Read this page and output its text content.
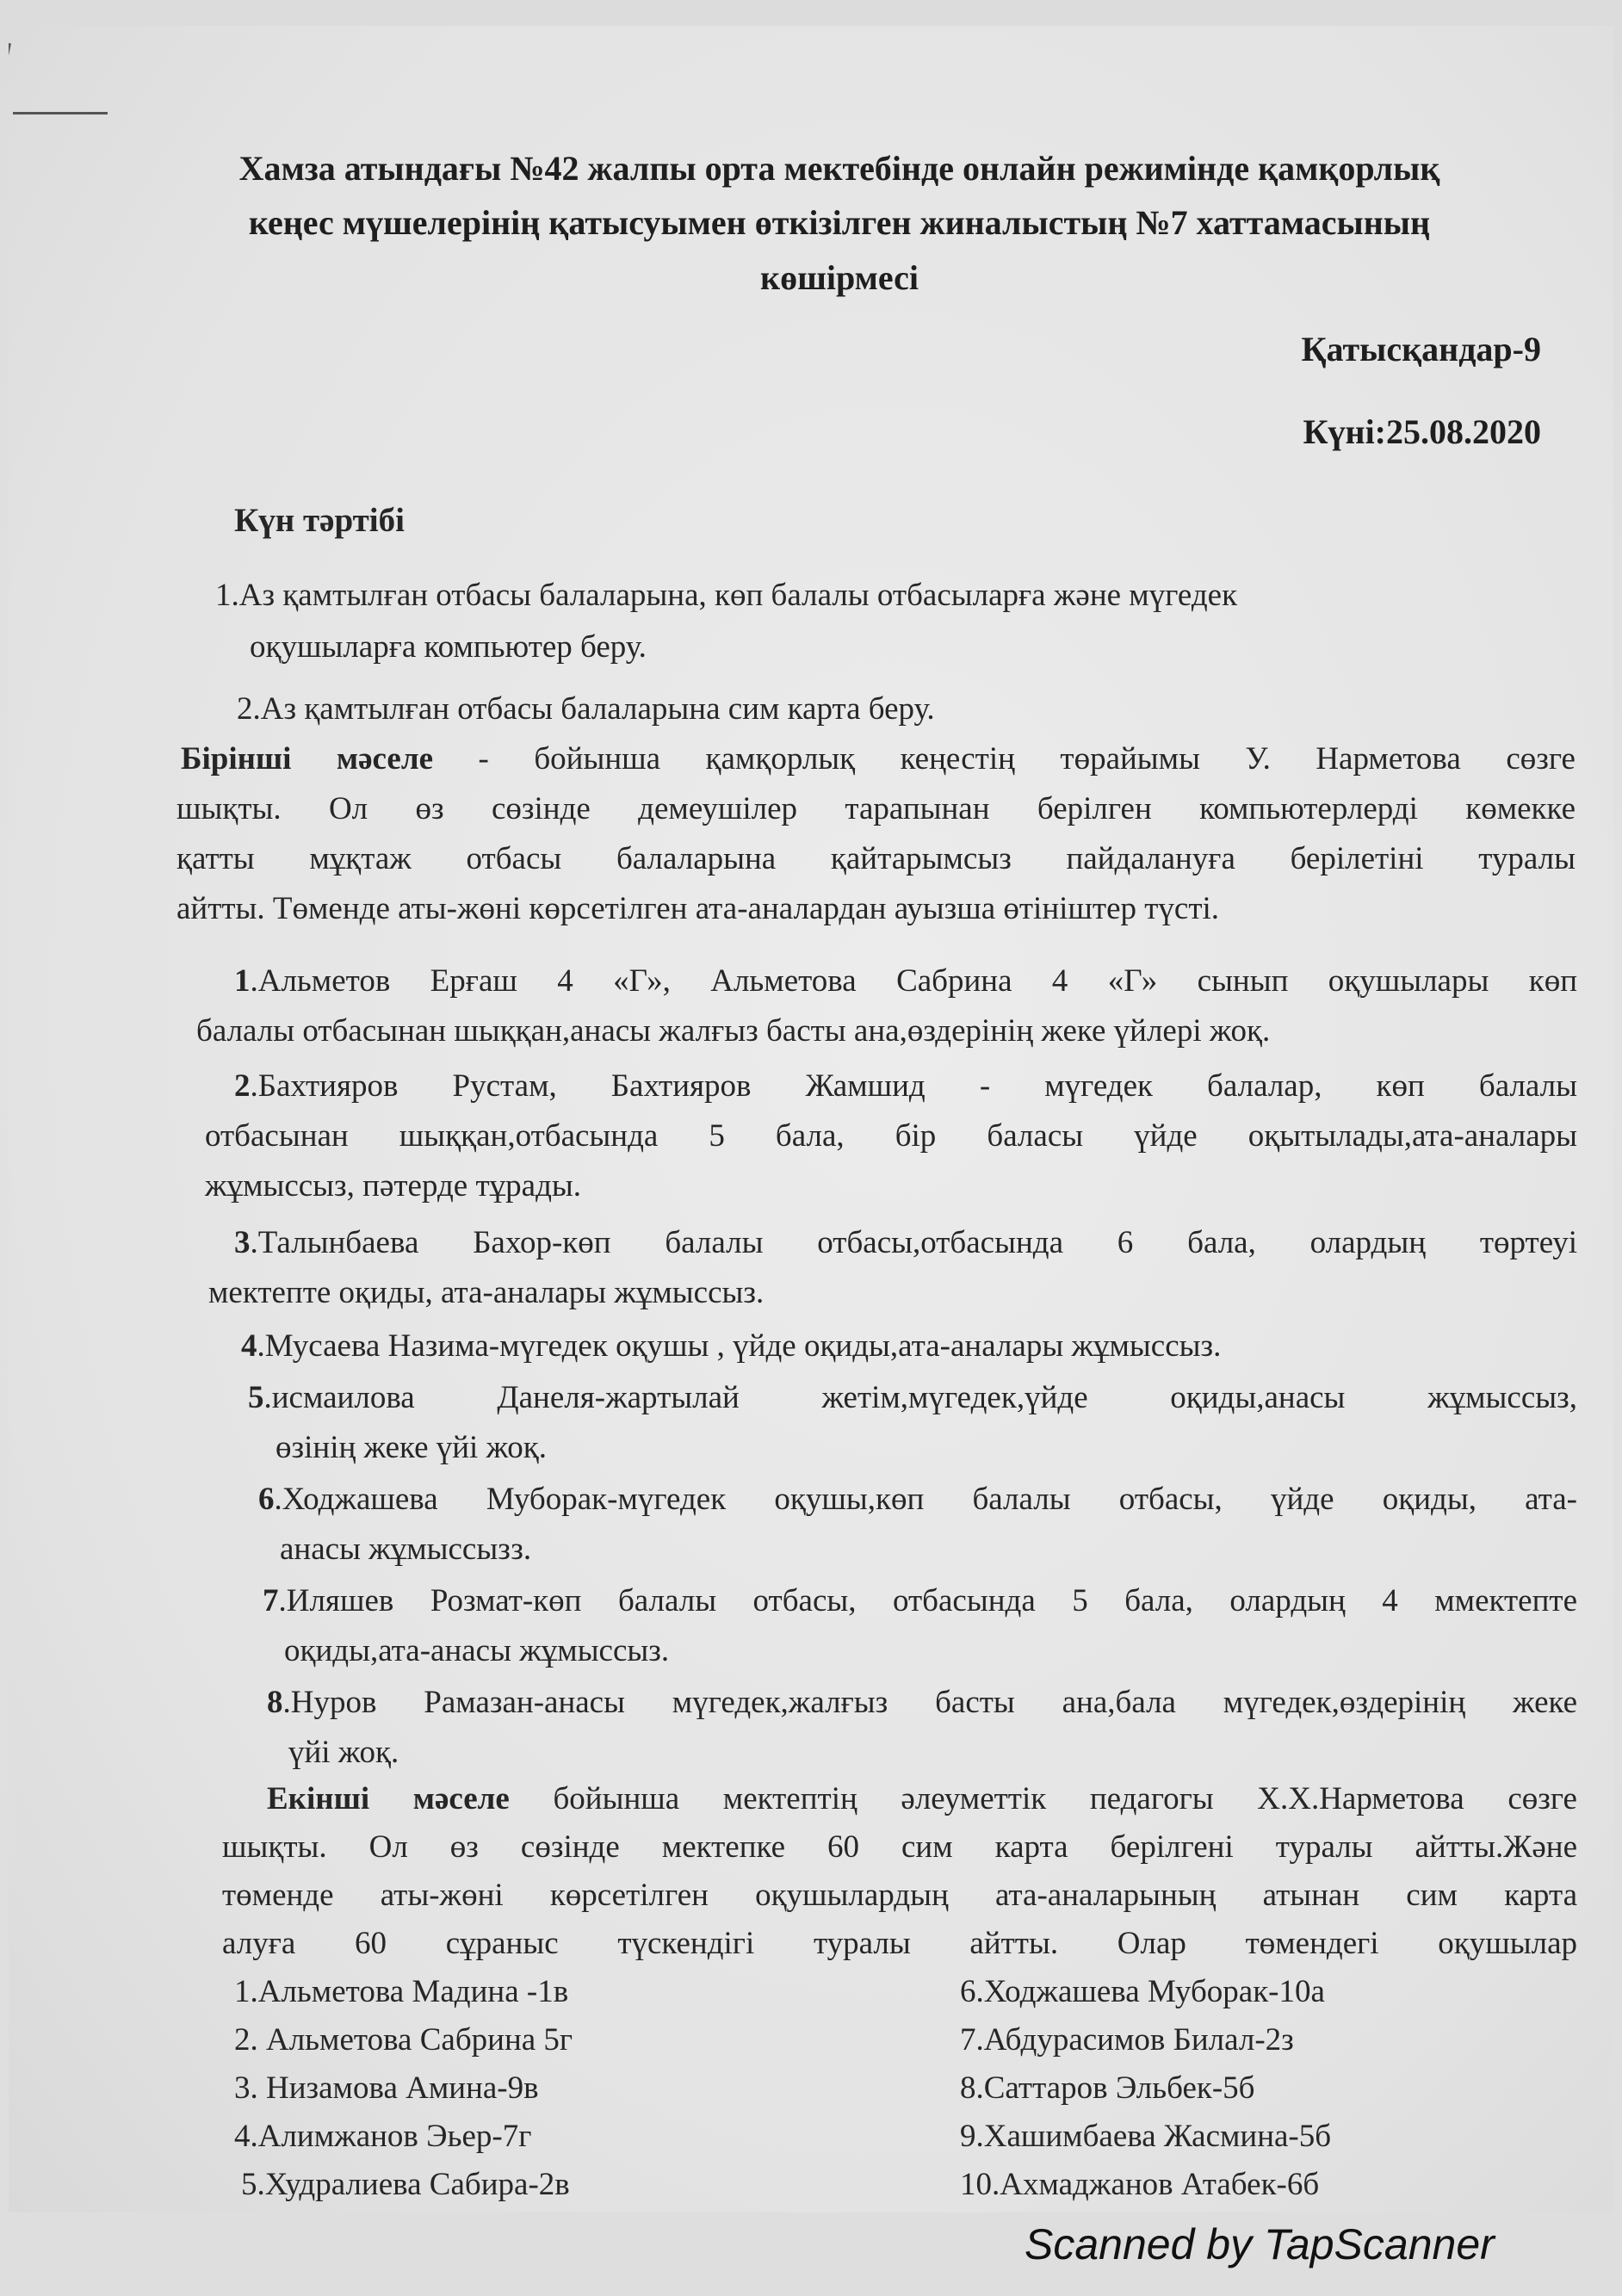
Хамза атындағы №42 жалпы орта мектебінде онлайн режимінде қамқорлық
кеңес мүшелерінің қатысуымен өткізілген жиналыстың №7 хаттамасының
көшірмесі
Қатысқандар-9
Күні:25.08.2020
Күн тәртібі
1.Аз қамтылған отбасы балаларына, көп балалы отбасыларға және мүгедек
оқушыларға компьютер беру.
2.Аз қамтылған отбасы балаларына сим карта беру.
Бірінші мәселе - бойынша қамқорлық кеңестің төрайымы У. Нарметова сөзге
шықты. Ол өз сөзінде демеушілер тарапынан берілген компьютерлерді көмекке
қатты мұқтаж отбасы балаларына қайтарымсыз пайдалануға берілетіні туралы
айтты. Төменде аты-жөні көрсетілген ата-аналардан ауызша өтініштер түсті.
1.Альметов Ерғаш 4 «Г», Альметова Сабрина 4 «Г» сынып оқушылары көп
балалы отбасынан шыққан,анасы жалғыз басты ана,өздерінің жеке үйлері жоқ.
2.Бахтияров Рустам, Бахтияров Жамшид - мүгедек балалар, көп балалы
отбасынан шыққан,отбасында 5 бала, бір баласы үйде оқытылады,ата-аналары
жұмыссыз, пәтерде тұрады.
3.Талынбаева Бахор-көп балалы отбасы,отбасында 6 бала, олардың төртеуі
мектепте оқиды, ата-аналары жұмыссыз.
4.Мусаева Назима-мүгедек оқушы , үйде оқиды,ата-аналары жұмыссыз.
5.исмаилова Данеля-жартылай жетім,мүгедек,үйде оқиды,анасы жұмыссыз,
өзінің жеке үйі жоқ.
6.Ходжашева Мубoрак-мүгедек оқушы,көп балалы отбасы, үйде оқиды, ата-
анасы жұмыссызз.
7.Иляшев Розмат-көп балалы отбасы, отбасында 5 бала, олардың 4 ммектепте
оқиды,ата-анасы жұмыссыз.
8.Нуров Рамазан-анасы мүгедек,жалғыз басты ана,бала мүгедек,өздерінің жеке
үйі жоқ.
Екінші мәселе бойынша мектептің әлеуметтік педагогы Х.Х.Нарметова сөзге
шықты. Ол өз сөзінде мектепке 60 сим карта берілгені туралы айтты.Және
төменде аты-жөні көрсетілген оқушылардың ата-аналарының атынан сим карта
алуға 60 сұраныс түскендігі туралы айтты. Олар төмендегі оқушылар
1.Альметова Мадина -1в
2. Альметова Сабрина 5г
3. Низамова Амина-9в
4.Алимжанов Эьер-7г
5.Худралиева Сабира-2в
6.Ходжашева Муборак-10а
7.Абдурасимов Билал-2з
8.Саттаров Эльбек-5б
9.Хашимбаева Жасмина-5б
10.Ахмаджанов Атабек-6б
Scanned by TapScanner
